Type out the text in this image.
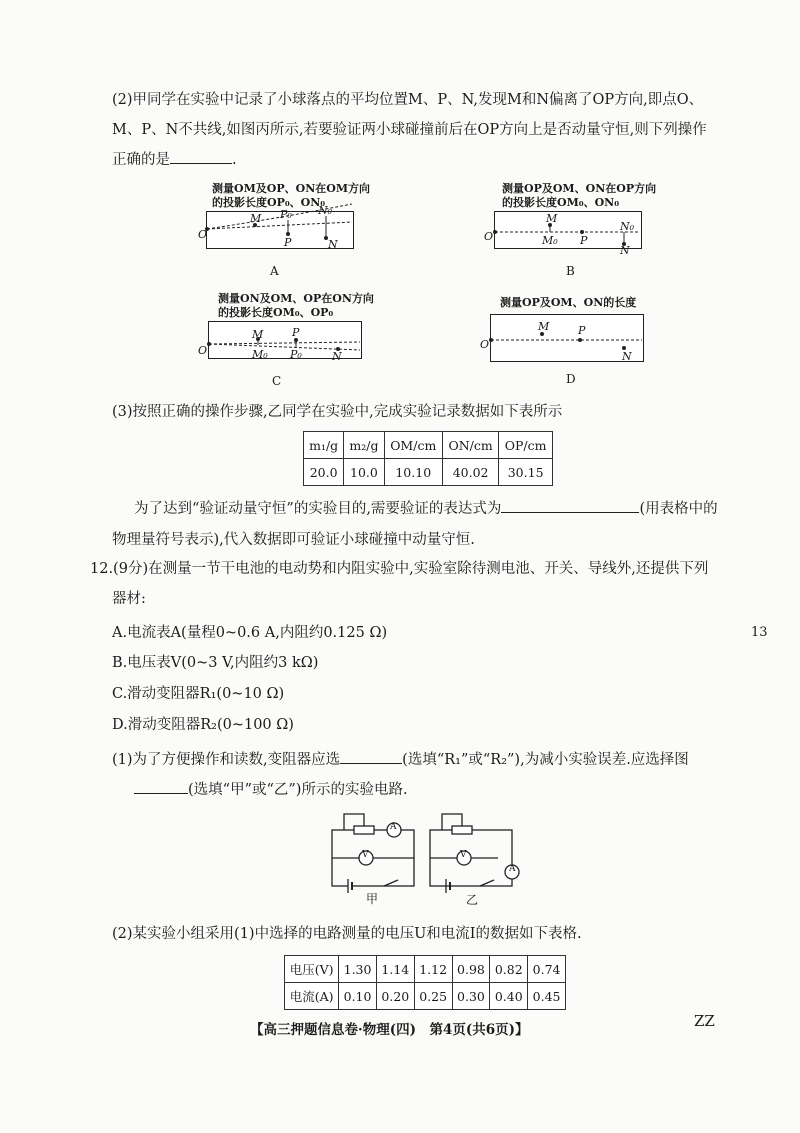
(2)甲同学在实验中记录了小球落点的平均位置M、P、N,发现M和N偏离了OP方向,即点O、M、P、N不共线,如图丙所示,若要验证两小球碰撞前后在OP方向上是否动量守恒,则下列操作正确的是	.
测量OM及OP、ON在OM方向
的投影长度OP₀、ON₀
O
M P₀ N₀
P	N
A
测量OP及OM、ON在OP方向
的投影长度OM₀、ON₀
O
M
M₀ P
N₀
N
B
测量ON及OM、OP在ON方向
的投影长度OM₀、OP₀
O
M
M₀
P
P₀	N
C
测量OP及OM、ON的长度
O
M	P
N
D
(3)按照正确的操作步骤,乙同学在实验中,完成实验记录数据如下表所示
m₁/g	m₂/g	OM/cm	ON/cm	OP/cm
20.0	10.0	10.10	40.02	30.15
为了达到“验证动量守恒”的实验目的,需要验证的表达式为	(用表格中的
物理量符号表示),代入数据即可验证小球碰撞中动量守恒.
12.(9分)在测量一节干电池的电动势和内阻实验中,实验室除待测电池、开关、导线外,还提供下列
器材:
A.电流表A(量程0~0.6 A,内阻约0.125 Ω)
B.电压表V(0~3 V,内阻约3 kΩ)
C.滑动变阻器R₁(0~10 Ω)
D.滑动变阻器R₂(0~100 Ω)
13
(1)为了方便操作和读数,变阻器应选	(选填“R₁”或“R₂”),为减小实验误差.应选择图
(选填“甲”或“乙”)所示的实验电路.
A
V	V
A
甲	乙
(2)某实验小组采用(1)中选择的电路测量的电压U和电流I的数据如下表格.
电压(V)	1.30	1.14	1.12	0.98	0.82	0.74
电流(A)	0.10	0.20	0.25	0.30	0.40	0.45
【高三押题信息卷·物理(四)　第4页(共6页)】	ZZ
